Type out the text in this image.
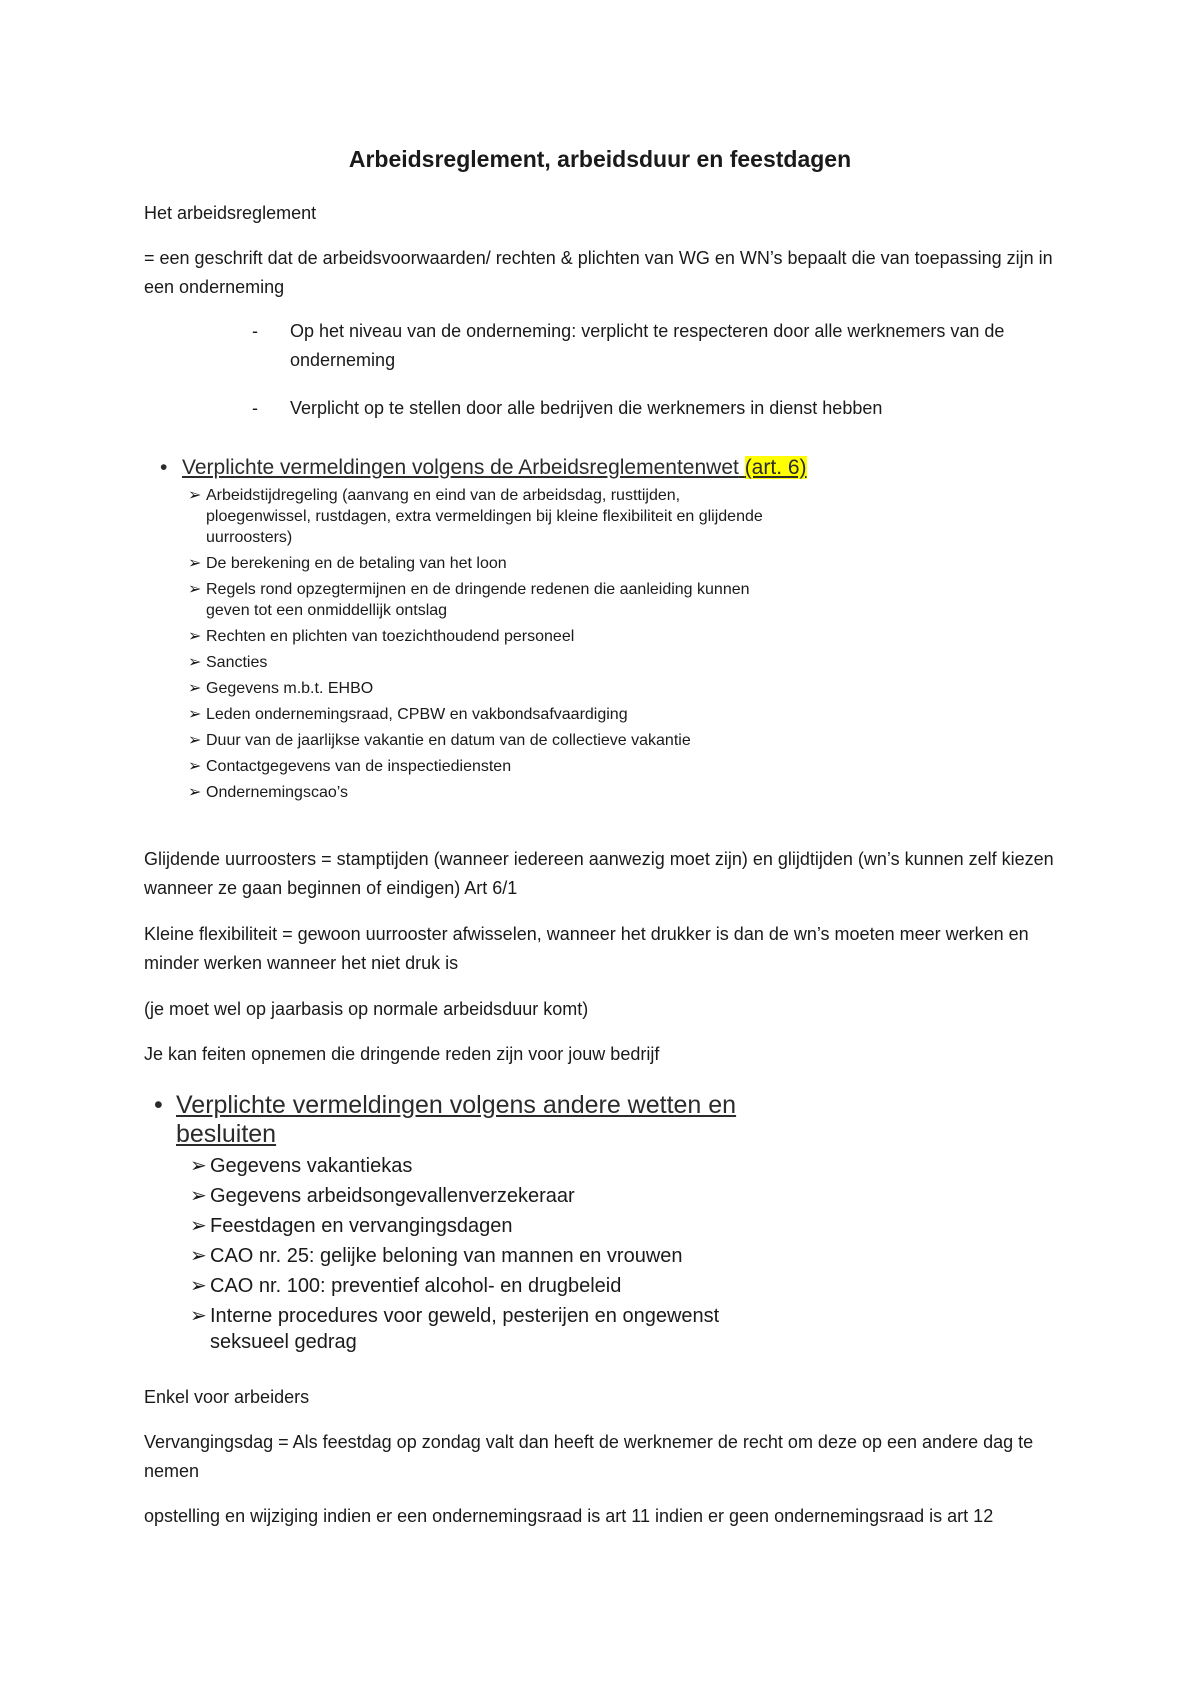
Arbeidsreglement, arbeidsduur en feestdagen

Het arbeidsreglement

= een geschrift dat de arbeidsvoorwaarden/ rechten & plichten van WG en WN’s bepaalt die van toepassing zijn in een onderneming

- Op het niveau van de onderneming: verplicht te respecteren door alle werknemers van de onderneming
- Verplicht op te stellen door alle bedrijven die werknemers in dienst hebben
• Verplichte vermeldingen volgens de Arbeidsreglementenwet (art. 6)
➢ Arbeidstijdregeling (aanvang en eind van de arbeidsdag, rusttijden, ploegenwissel, rustdagen, extra vermeldingen bij kleine flexibiliteit en glijdende uurroosters)
➢ De berekening en de betaling van het loon
➢ Regels rond opzegtermijnen en de dringende redenen die aanleiding kunnen geven tot een onmiddellijk ontslag
➢ Rechten en plichten van toezichthoudend personeel
➢ Sancties
➢ Gegevens m.b.t. EHBO
➢ Leden ondernemingsraad, CPBW en vakbondsafvaardiging
➢ Duur van de jaarlijkse vakantie en datum van de collectieve vakantie
➢ Contactgegevens van de inspectiediensten
➢ Ondernemingscao’s

Glijdende uurroosters = stamptijden (wanneer iedereen aanwezig moet zijn) en glijdtijden (wn’s kunnen zelf kiezen wanneer ze gaan beginnen of eindigen) Art 6/1

Kleine flexibiliteit = gewoon uurrooster afwisselen, wanneer het drukker is dan de wn’s moeten meer werken en minder werken wanneer het niet druk is

(je moet wel op jaarbasis op normale arbeidsduur komt)

Je kan feiten opnemen die dringende reden zijn voor jouw bedrijf

• Verplichte vermeldingen volgens andere wetten en besluiten
➢ Gegevens vakantiekas
➢ Gegevens arbeidsongevallenverzekeraar
➢ Feestdagen en vervangingsdagen
➢ CAO nr. 25: gelijke beloning van mannen en vrouwen
➢ CAO nr. 100: preventief alcohol- en drugbeleid
➢ Interne procedures voor geweld, pesterijen en ongewenst seksueel gedrag

Enkel voor arbeiders

Vervangingsdag = Als feestdag op zondag valt dan heeft de werknemer de recht om deze op een andere dag te nemen

opstelling en wijziging indien er een ondernemingsraad is art 11 indien er geen ondernemingsraad is art 12
